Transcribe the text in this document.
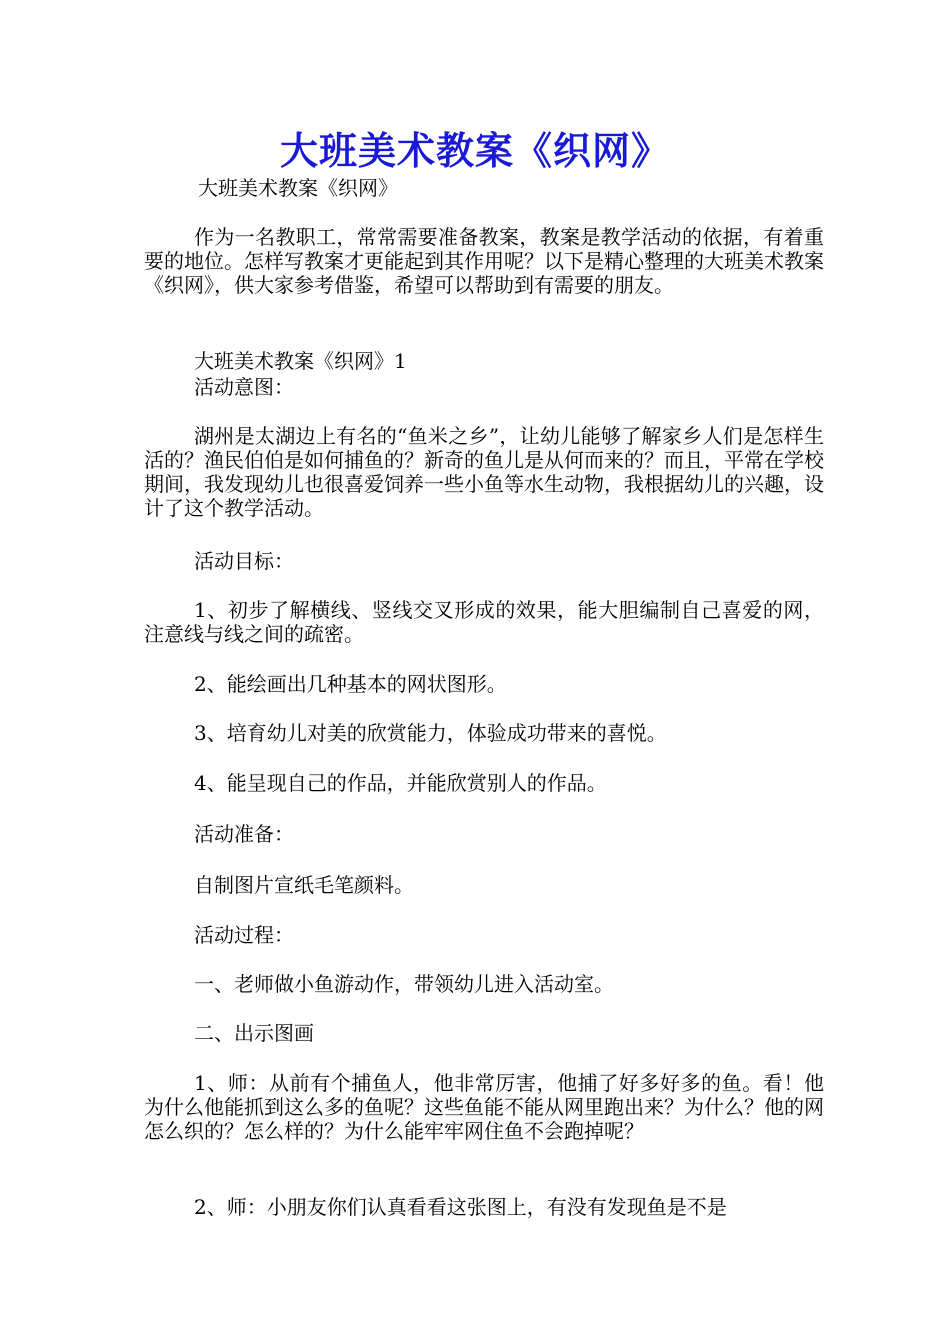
大班美术教案《织网》
大班美术教案《织网》
作为一名教职工，常常需要准备教案，教案是教学活动的依据，有着重要的地位。怎样写教案才更能起到其作用呢？以下是精心整理的大班美术教案《织网》，供大家参考借鉴，希望可以帮助到有需要的朋友。
大班美术教案《织网》1
活动意图：
湖州是太湖边上有名的“鱼米之乡”，让幼儿能够了解家乡人们是怎样生活的？渔民伯伯是如何捕鱼的？新奇的鱼儿是从何而来的？而且，平常在学校期间，我发现幼儿也很喜爱饲养一些小鱼等水生动物，我根据幼儿的兴趣，设计了这个教学活动。
活动目标：
1、初步了解横线、竖线交叉形成的效果，能大胆编制自己喜爱的网，注意线与线之间的疏密。
2、能绘画出几种基本的网状图形。
3、培育幼儿对美的欣赏能力，体验成功带来的喜悦。
4、能呈现自己的作品，并能欣赏别人的作品。
活动准备：
自制图片宣纸毛笔颜料。
活动过程：
一、老师做小鱼游动作，带领幼儿进入活动室。
二、出示图画
1、师：从前有个捕鱼人，他非常厉害，他捕了好多好多的鱼。看！他为什么他能抓到这么多的鱼呢？这些鱼能不能从网里跑出来？为什么？他的网怎么织的？怎么样的？为什么能牢牢网住鱼不会跑掉呢？
2、师：小朋友你们认真看看这张图上，有没有发现鱼是不是
